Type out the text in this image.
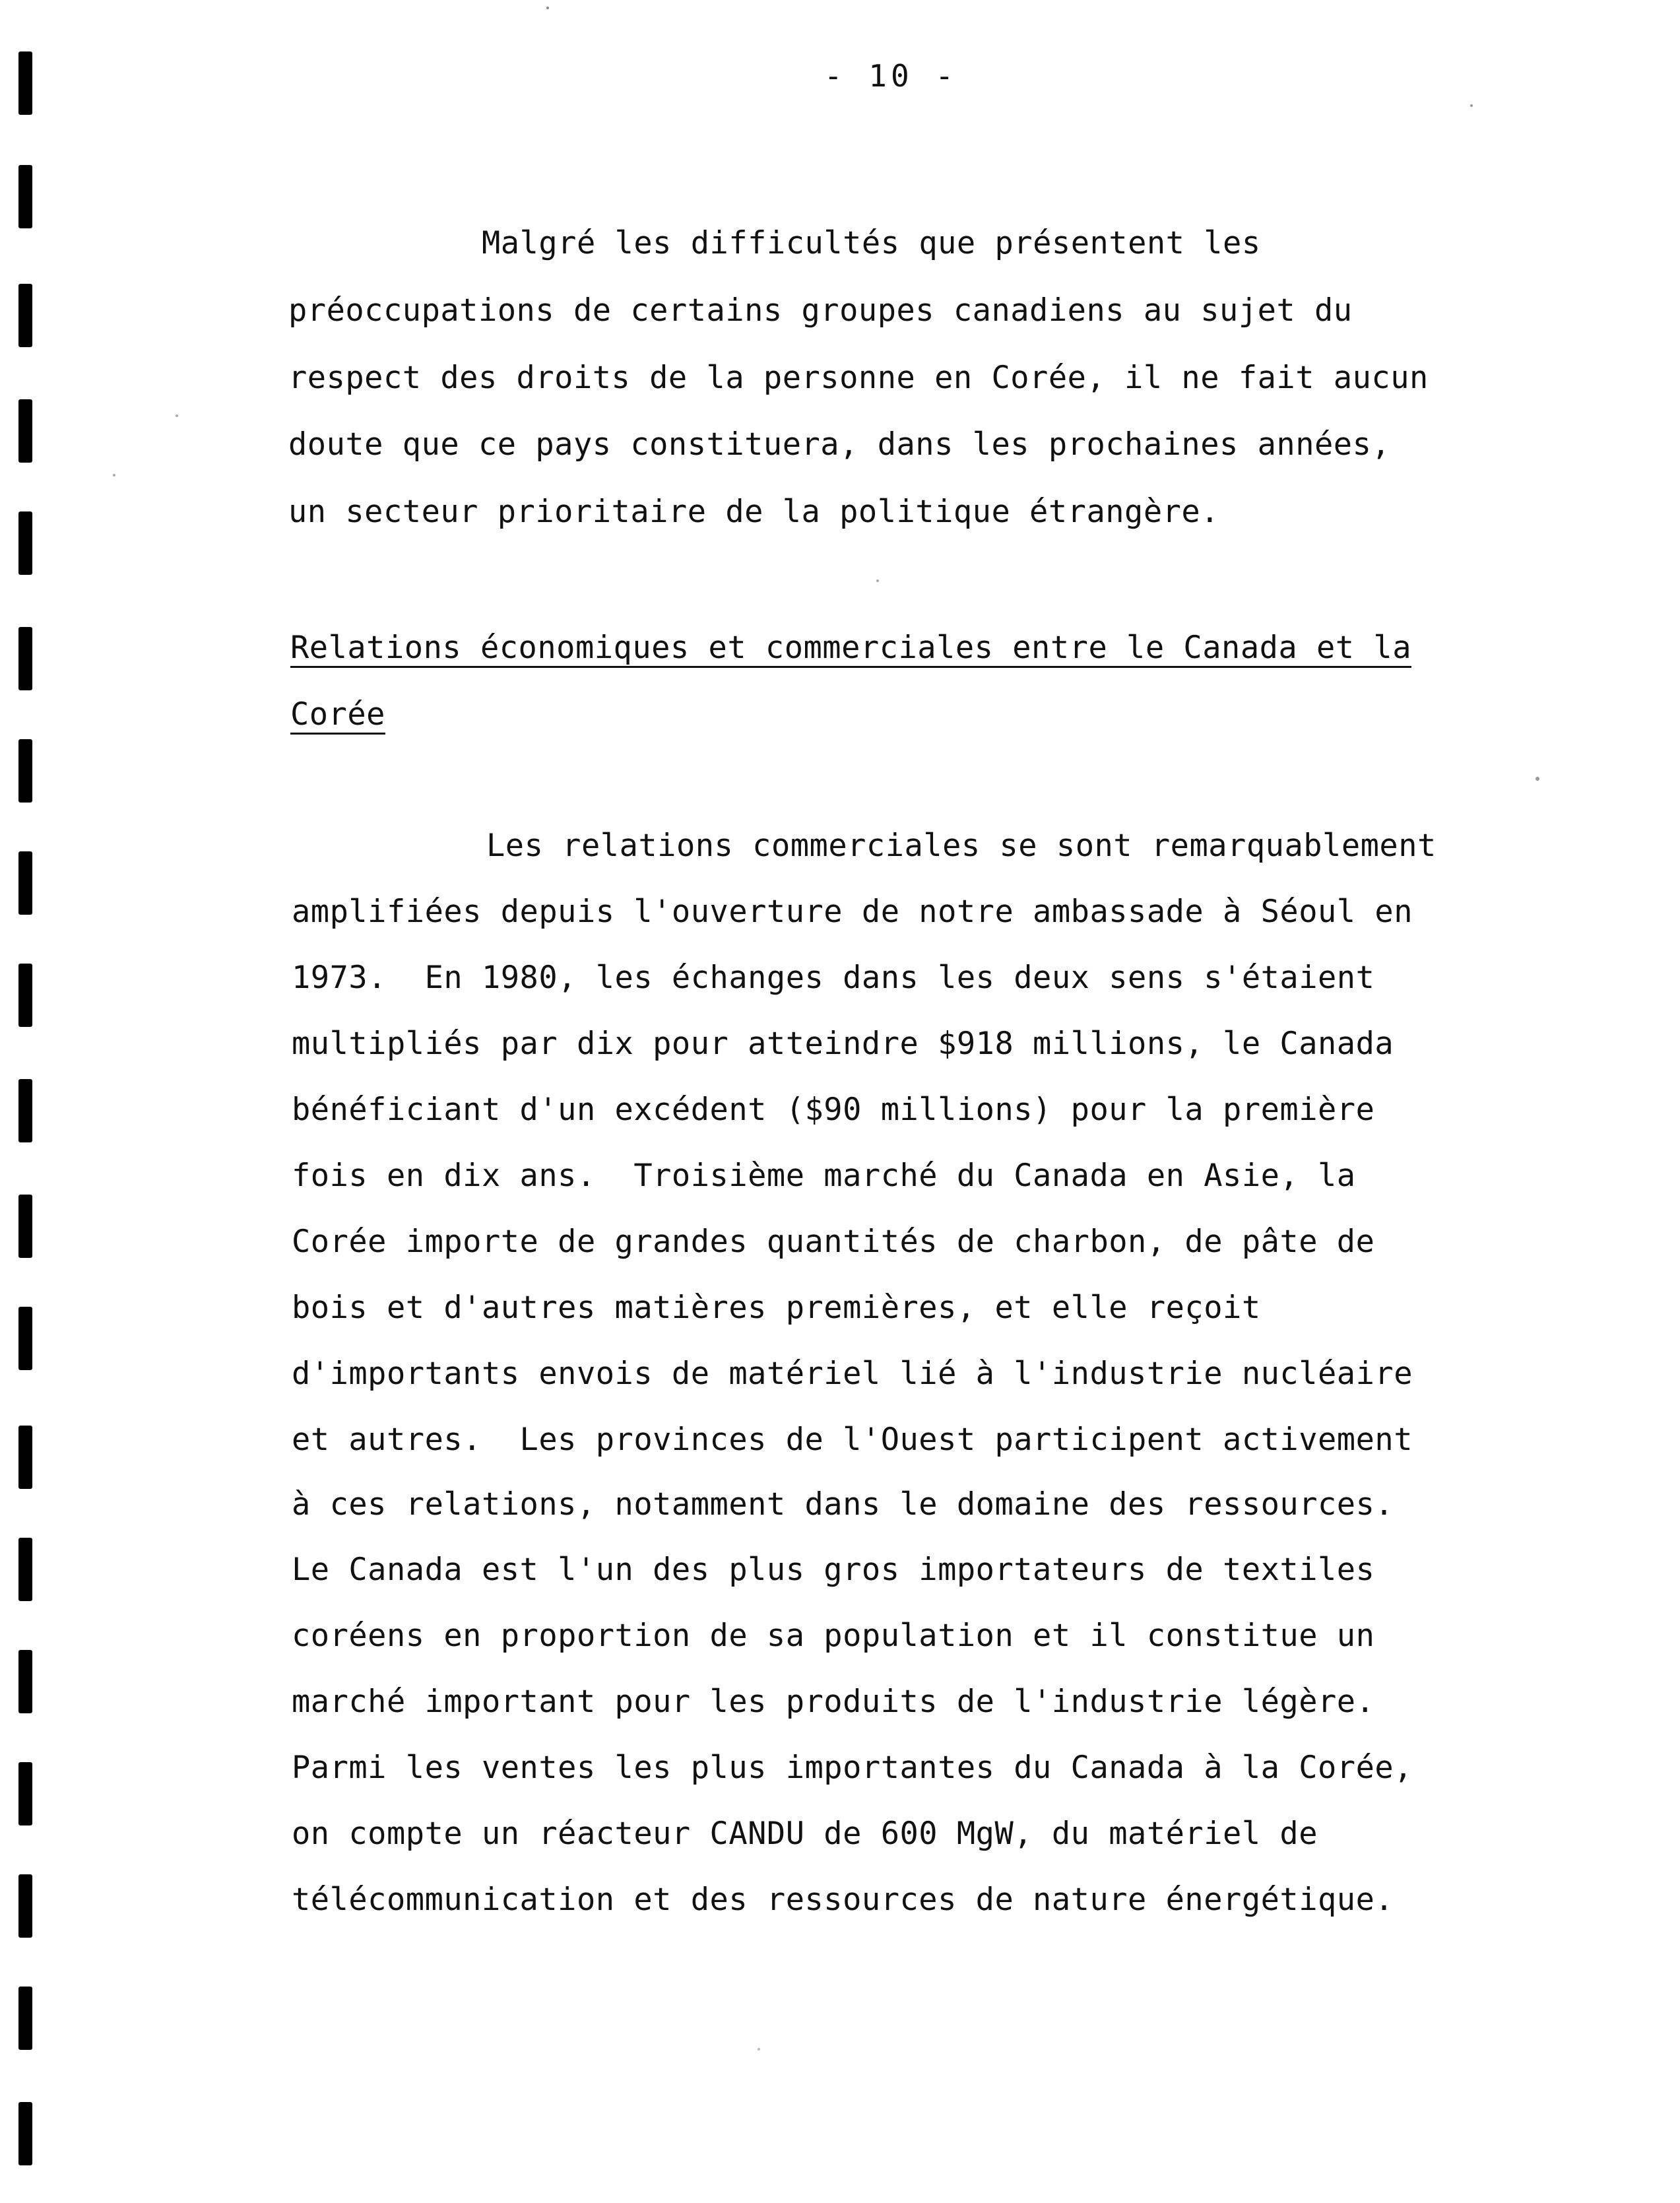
- 10 -
Malgré les difficultés que présentent les
préoccupations de certains groupes canadiens au sujet du
respect des droits de la personne en Corée, il ne fait aucun
doute que ce pays constituera, dans les prochaines années,
un secteur prioritaire de la politique étrangère.
Relations économiques et commerciales entre le Canada et la
Corée
Les relations commerciales se sont remarquablement
amplifiées depuis l'ouverture de notre ambassade à Séoul en
1973.  En 1980, les échanges dans les deux sens s'étaient
multipliés par dix pour atteindre $918 millions, le Canada
bénéficiant d'un excédent ($90 millions) pour la première
fois en dix ans.  Troisième marché du Canada en Asie, la
Corée importe de grandes quantités de charbon, de pâte de
bois et d'autres matières premières, et elle reçoit
d'importants envois de matériel lié à l'industrie nucléaire
et autres.  Les provinces de l'Ouest participent activement
à ces relations, notamment dans le domaine des ressources.
Le Canada est l'un des plus gros importateurs de textiles
coréens en proportion de sa population et il constitue un
marché important pour les produits de l'industrie légère.
Parmi les ventes les plus importantes du Canada à la Corée,
on compte un réacteur CANDU de 600 MgW, du matériel de
télécommunication et des ressources de nature énergétique.
